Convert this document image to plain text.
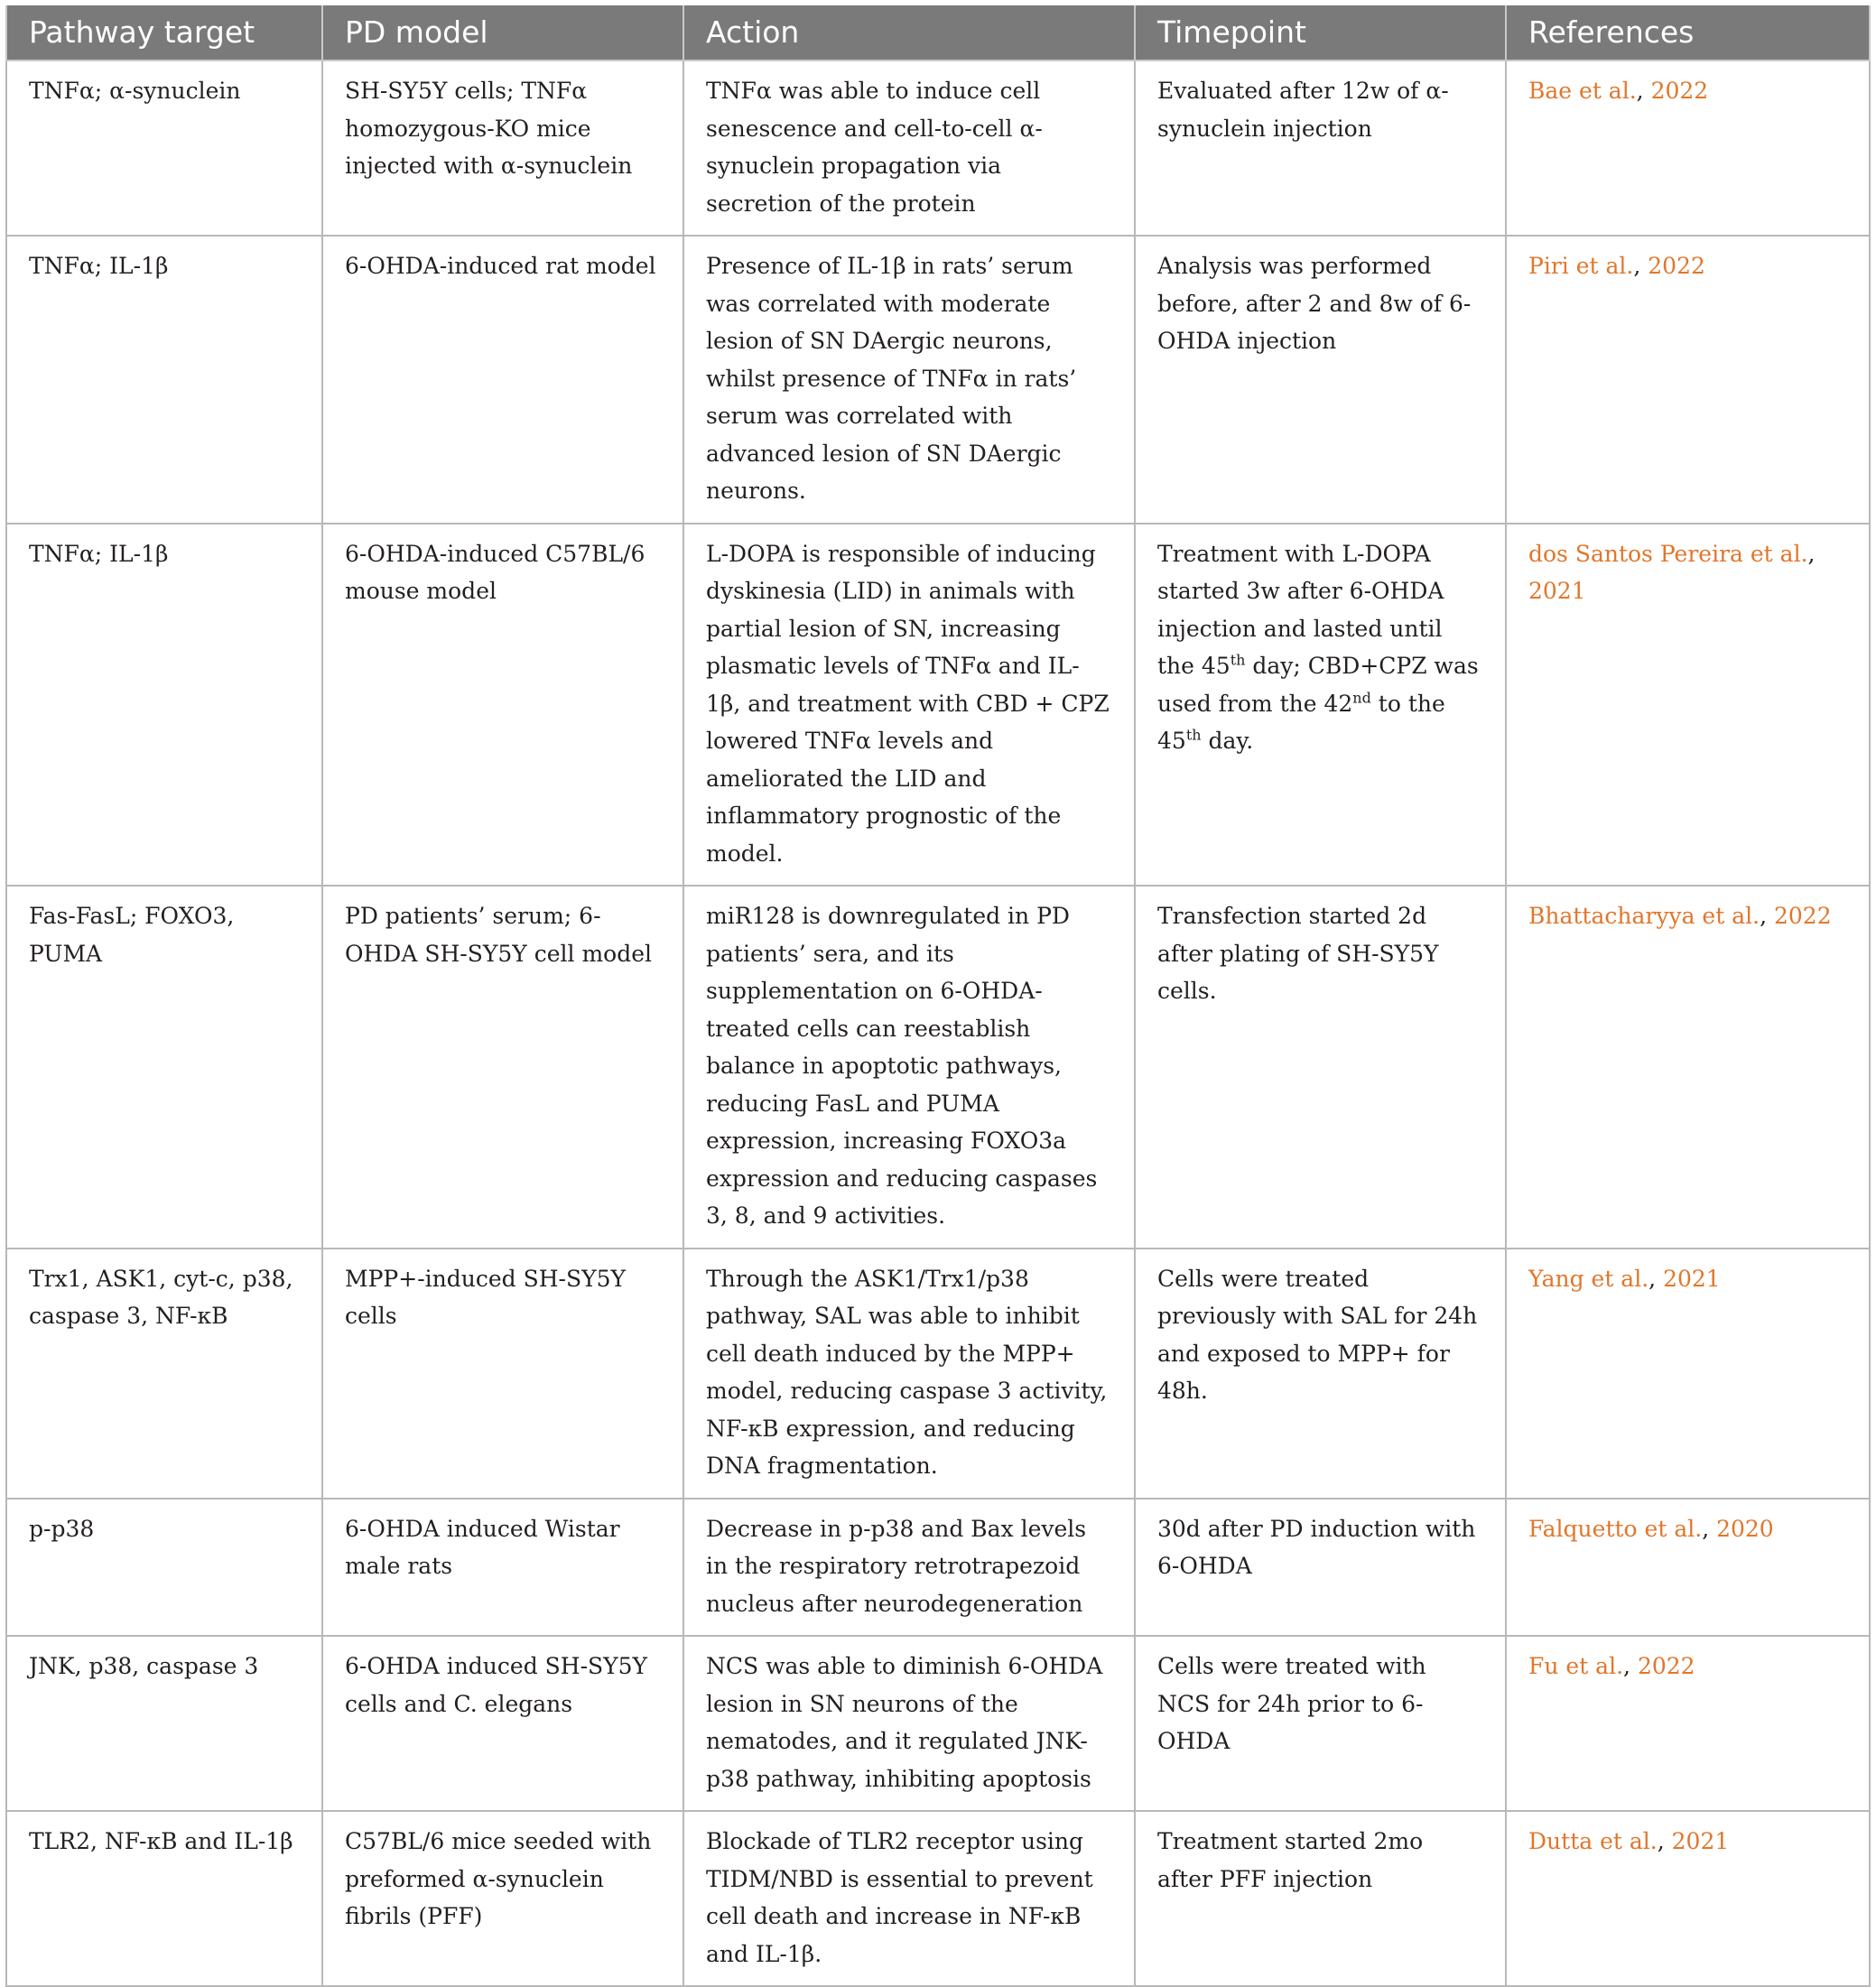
Pathway target	PD model	Action	Timepoint	References
TNFα; α-synuclein	SH-SY5Y cells; TNFα homozygous-KO mice injected with α-synuclein	TNFα was able to induce cell senescence and cell-to-cell α-synuclein propagation via secretion of the protein	Evaluated after 12w of α-synuclein injection	Bae et al., 2022
TNFα; IL-1β	6-OHDA-induced rat model	Presence of IL-1β in rats’ serum was correlated with moderate lesion of SN DAergic neurons, whilst presence of TNFα in rats’ serum was correlated with advanced lesion of SN DAergic neurons.	Analysis was performed before, after 2 and 8w of 6-OHDA injection	Piri et al., 2022
TNFα; IL-1β	6-OHDA-induced C57BL/6 mouse model	L-DOPA is responsible of inducing dyskinesia (LID) in animals with partial lesion of SN, increasing plasmatic levels of TNFα and IL-1β, and treatment with CBD + CPZ lowered TNFα levels and ameliorated the LID and inflammatory prognostic of the model.	Treatment with L-DOPA started 3w after 6-OHDA injection and lasted until the 45th day; CBD+CPZ was used from the 42nd to the 45th day.	dos Santos Pereira et al., 2021
Fas-FasL; FOXO3, PUMA	PD patients’ serum; 6-OHDA SH-SY5Y cell model	miR128 is downregulated in PD patients’ sera, and its supplementation on 6-OHDA-treated cells can reestablish balance in apoptotic pathways, reducing FasL and PUMA expression, increasing FOXO3a expression and reducing caspases 3, 8, and 9 activities.	Transfection started 2d after plating of SH-SY5Y cells.	Bhattacharyya et al., 2022
Trx1, ASK1, cyt-c, p38, caspase 3, NF-κB	MPP+-induced SH-SY5Y cells	Through the ASK1/Trx1/p38 pathway, SAL was able to inhibit cell death induced by the MPP+ model, reducing caspase 3 activity, NF-κB expression, and reducing DNA fragmentation.	Cells were treated previously with SAL for 24h and exposed to MPP+ for 48h.	Yang et al., 2021
p-p38	6-OHDA induced Wistar male rats	Decrease in p-p38 and Bax levels in the respiratory retrotrapezoid nucleus after neurodegeneration	30d after PD induction with 6-OHDA	Falquetto et al., 2020
JNK, p38, caspase 3	6-OHDA induced SH-SY5Y cells and C. elegans	NCS was able to diminish 6-OHDA lesion in SN neurons of the nematodes, and it regulated JNK-p38 pathway, inhibiting apoptosis	Cells were treated with NCS for 24h prior to 6-OHDA	Fu et al., 2022
TLR2, NF-κB and IL-1β	C57BL/6 mice seeded with preformed α-synuclein fibrils (PFF)	Blockade of TLR2 receptor using TIDM/NBD is essential to prevent cell death and increase in NF-κB and IL-1β.	Treatment started 2mo after PFF injection	Dutta et al., 2021
